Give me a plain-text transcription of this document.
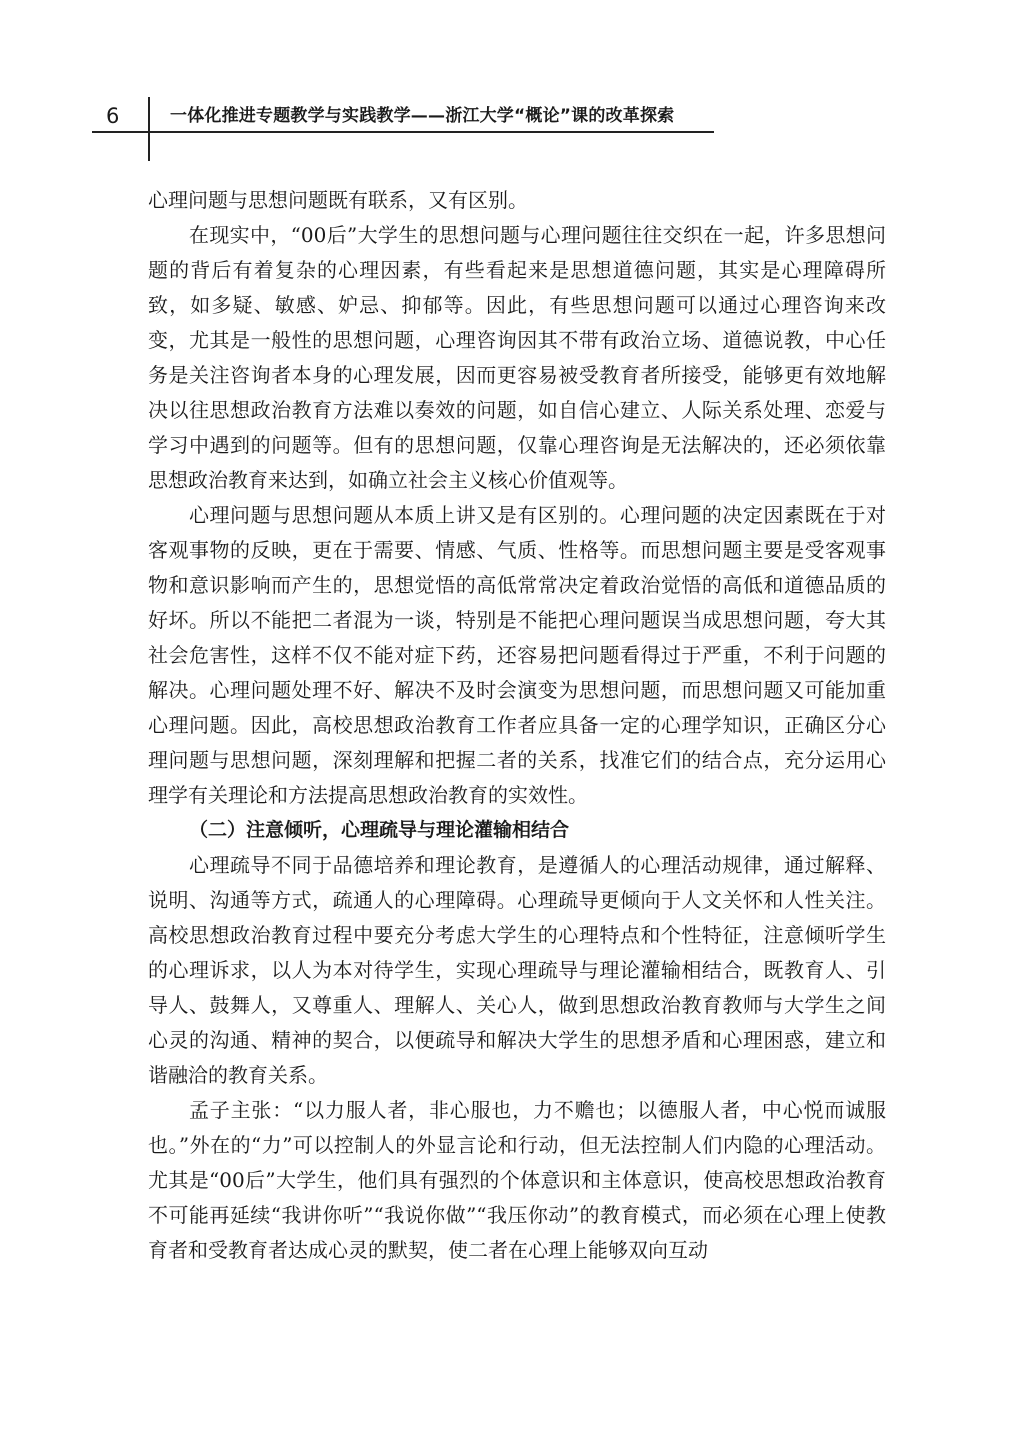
6	一体化推进专题教学与实践教学——浙江大学“概论”课的改革探索

心理问题与思想问题既有联系，又有区别。

在现实中，“00后”大学生的思想问题与心理问题往往交织在一起，许多思想问题的背后有着复杂的心理因素，有些看起来是思想道德问题，其实是心理障碍所致，如多疑、敏感、妒忌、抑郁等。因此，有些思想问题可以通过心理咨询来改变，尤其是一般性的思想问题，心理咨询因其不带有政治立场、道德说教，中心任务是关注咨询者本身的心理发展，因而更容易被受教育者所接受，能够更有效地解决以往思想政治教育方法难以奏效的问题，如自信心建立、人际关系处理、恋爱与学习中遇到的问题等。但有的思想问题，仅靠心理咨询是无法解决的，还必须依靠思想政治教育来达到，如确立社会主义核心价值观等。

心理问题与思想问题从本质上讲又是有区别的。心理问题的决定因素既在于对客观事物的反映，更在于需要、情感、气质、性格等。而思想问题主要是受客观事物和意识影响而产生的，思想觉悟的高低常常决定着政治觉悟的高低和道德品质的好坏。所以不能把二者混为一谈，特别是不能把心理问题误当成思想问题，夸大其社会危害性，这样不仅不能对症下药，还容易把问题看得过于严重，不利于问题的解决。心理问题处理不好、解决不及时会演变为思想问题，而思想问题又可能加重心理问题。因此，高校思想政治教育工作者应具备一定的心理学知识，正确区分心理问题与思想问题，深刻理解和把握二者的关系，找准它们的结合点，充分运用心理学有关理论和方法提高思想政治教育的实效性。

（二）注意倾听，心理疏导与理论灌输相结合

心理疏导不同于品德培养和理论教育，是遵循人的心理活动规律，通过解释、说明、沟通等方式，疏通人的心理障碍。心理疏导更倾向于人文关怀和人性关注。高校思想政治教育过程中要充分考虑大学生的心理特点和个性特征，注意倾听学生的心理诉求，以人为本对待学生，实现心理疏导与理论灌输相结合，既教育人、引导人、鼓舞人，又尊重人、理解人、关心人，做到思想政治教育教师与大学生之间心灵的沟通、精神的契合，以便疏导和解决大学生的思想矛盾和心理困惑，建立和谐融洽的教育关系。

孟子主张：“以力服人者，非心服也，力不赡也；以德服人者，中心悦而诚服也。”外在的“力”可以控制人的外显言论和行动，但无法控制人们内隐的心理活动。尤其是“00后”大学生，他们具有强烈的个体意识和主体意识，使高校思想政治教育不可能再延续“我讲你听”“我说你做”“我压你动”的教育模式，而必须在心理上使教育者和受教育者达成心灵的默契，使二者在心理上能够双向互动
